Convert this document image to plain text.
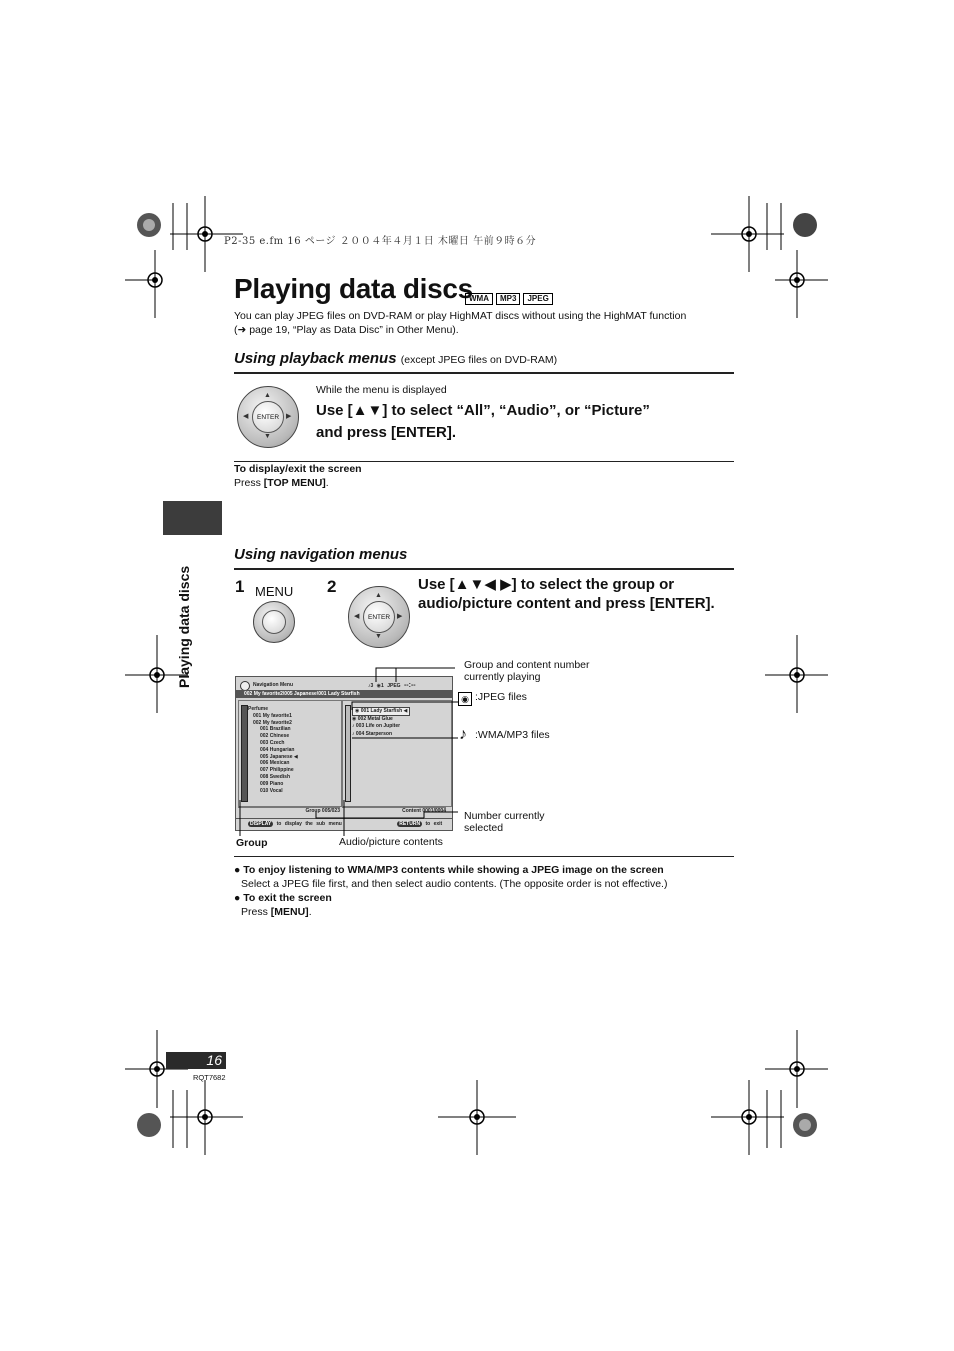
P2-35 e.fm 16 ページ ２００４年４月１日 木曜日 午前９時６分
Playing data discs
WMA MP3 JPEG
You can play JPEG files on DVD-RAM or play HighMAT discs without using the HighMAT function
(➜ page 19, “Play as Data Disc” in Other Menu).
Using playback menus (except JPEG files on DVD-RAM)
ENTER
▲
▼
◀	▶
While the menu is displayed
Use [▲▼] to select “All”, “Audio”, or “Picture”
and press [ENTER].
To display/exit the screen
Press [TOP MENU].
Playing data discs
Using navigation menus
1 MENU 2
ENTER
▲
▼
◀	▶
Use [▲▼◀ ▶] to select the group or
audio/picture content and press [ENTER].
Navigation Menu	♪3 ◉1 JPEG --:--
002 My favorite2\005 Japanese\001 Lady Starfish
Perfume
001 My favorite1
002 My favorite2
001 Brazilian
002 Chinese
003 Czech
004 Hungarian
005 Japanese ◀
006 Mexican
007 Philippine
008 Swedish
009 Piano
010 Vocal
◉ 001 Lady Starfish ◀
◉ 002 Metal Glue
♪ 003 Life on Jupiter
♪ 004 Starperson
Group 005/023	Content 0001/0004
DISPLAY to display the sub menu	RETURN to exit
Group and content number currently playing
◉ :JPEG files
♪ :WMA/MP3 files
Number currently selected
Group	Audio/picture contents
● To enjoy listening to WMA/MP3 contents while showing a JPEG image on the screen
Select a JPEG file first, and then select audio contents. (The opposite order is not effective.)
● To exit the screen
Press [MENU].
16
RQT7682
